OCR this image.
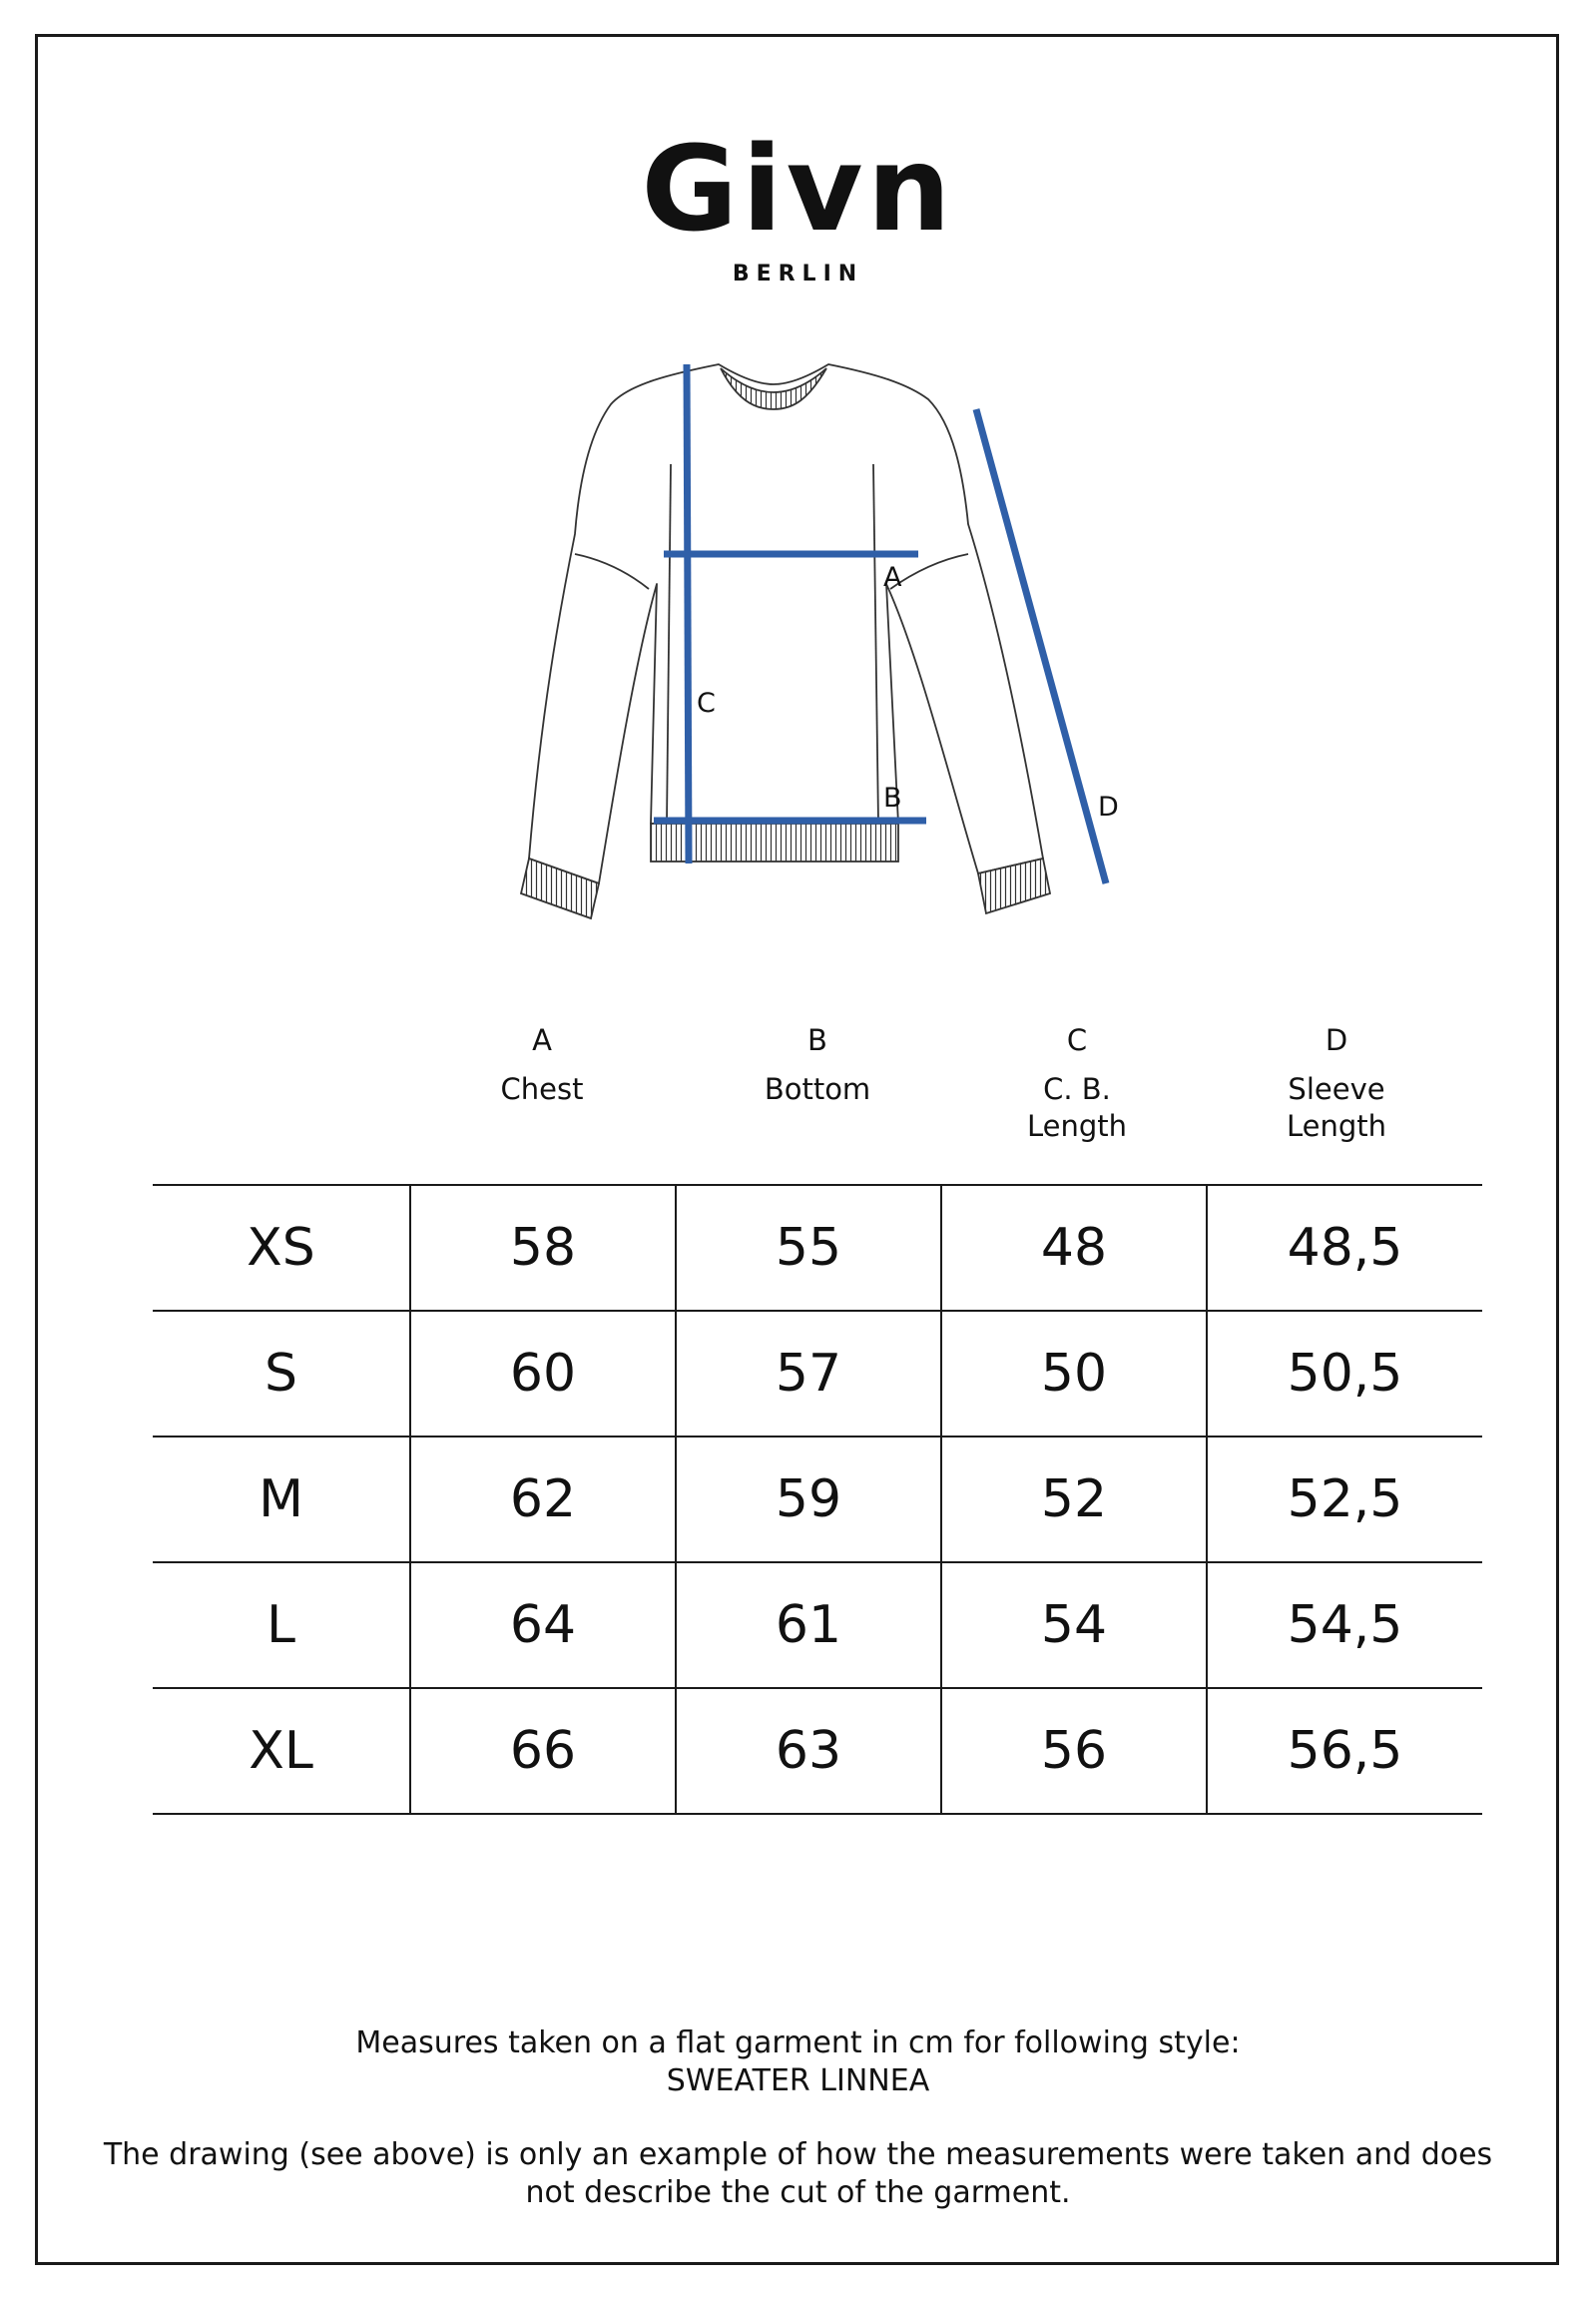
Givn
BERLIN
A
B
C
D
A
Chest
B
Bottom
C
C. B.
Length
D
Sleeve
Length
XS	58	55	48	48,5
S	60	57	50	50,5
M	62	59	52	52,5
L	64	61	54	54,5
XL	66	63	56	56,5
Measures taken on a flat garment in cm for following style:
SWEATER LINNEA
The drawing (see above) is only an example of how the measurements were taken and does
not describe the cut of the garment.
